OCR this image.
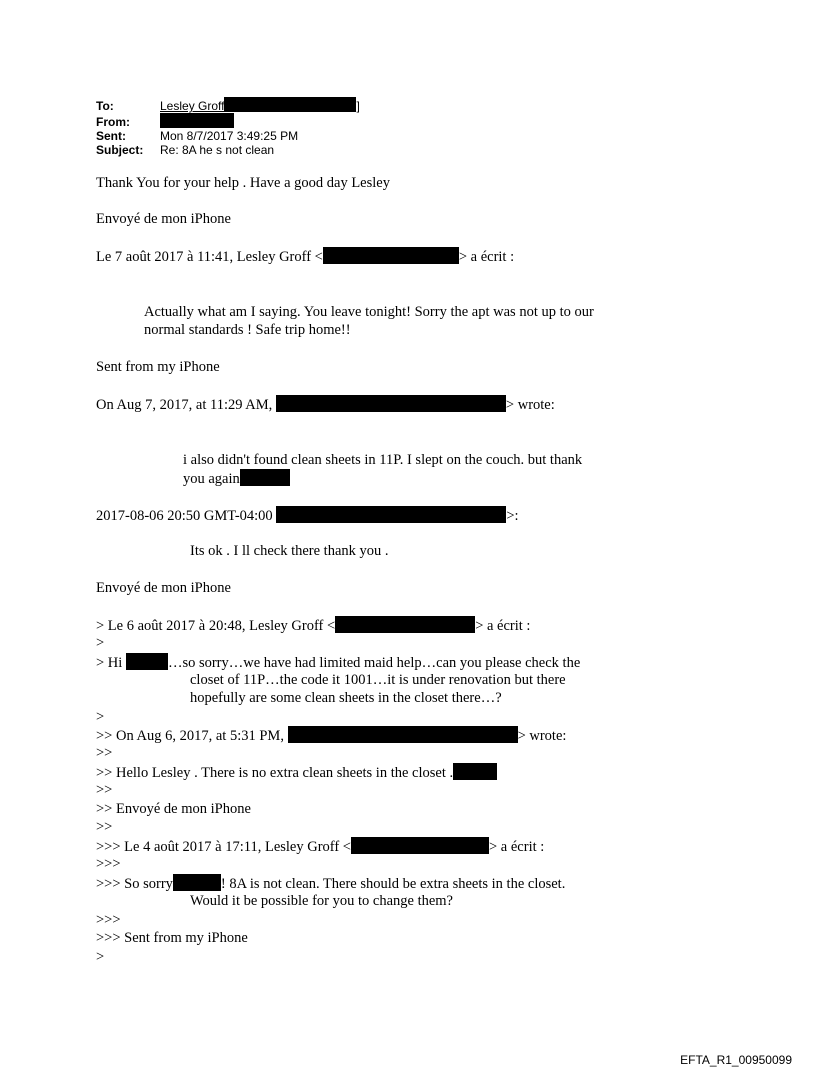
To:	Lesley Groff	]
From:
Sent:	Mon 8/7/2017 3:49:25 PM
Subject: Re: 8A he s not clean
Thank You for your help . Have a good day Lesley
Envoyé de mon iPhone
Le 7 août 2017 à 11:41, Lesley Groff <	> a écrit :
Actually what am I saying. You leave tonight! Sorry the apt was not up to our
normal standards ! Safe trip home!!
Sent from my iPhone
On Aug 7, 2017, at 11:29 AM,	> wrote:
i also didn't found clean sheets in 11P. I slept on the couch. but thank
you again
2017-08-06 20:50 GMT-04:00	>:
Its ok . I ll check there thank you .
Envoyé de mon iPhone
> Le 6 août 2017 à 20:48, Lesley Groff <	> a écrit :
>
> Hi	…so sorry…we have had limited maid help…can you please check the
closet of 11P…the code it 1001…it is under renovation but there
hopefully are some clean sheets in the closet there…?
>
>> On Aug 6, 2017, at 5:31 PM,	> wrote:
>>
>> Hello Lesley . There is no extra clean sheets in the closet .
>>
>> Envoyé de mon iPhone
>>
>>> Le 4 août 2017 à 17:11, Lesley Groff <	> a écrit :
>>>
>>> So sorry	! 8A is not clean. There should be extra sheets in the closet.
Would it be possible for you to change them?
>>>
>>> Sent from my iPhone
>
EFTA_R1_00950099
